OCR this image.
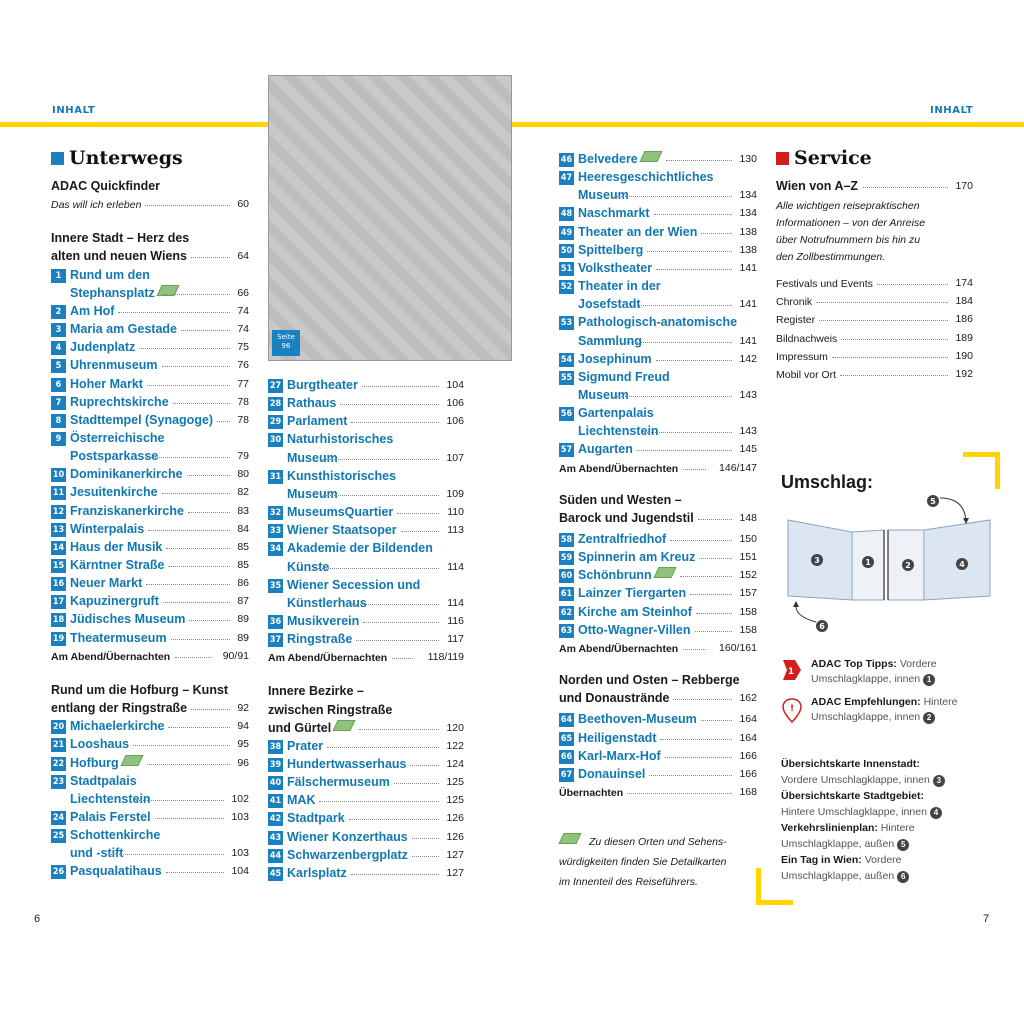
INHALT	INHALT
Seite
96
Unterwegs
ADAC Quickfinder
Das will ich erleben	60
Innere Stadt – Herz des
alten und neuen Wiens	64
1 Rund um den
Stephansplatz	66
2 Am Hof	74
3 Maria am Gestade	74
4 Judenplatz	75
5 Uhrenmuseum	76
6 Hoher Markt	77
7 Ruprechtskirche	78
8 Stadttempel (Synagoge) 78
9 Österreichische
Postsparkasse	79
10 Dominikanerkirche	80
11 Jesuitenkirche	82
12 Franziskanerkirche	83
13 Winterpalais	84
14 Haus der Musik	85
15 Kärntner Straße	85
16 Neuer Markt	86
17 Kapuzinergruft	87
18 Jüdisches Museum	89
19 Theatermuseum	89
Am Abend/Übernachten	90/91
Rund um die Hofburg – Kunst
entlang der Ringstraße	92
20 Michaelerkirche	94
21 Looshaus	95
22 Hofburg	96
23 Stadtpalais
Liechtenstein	102
24 Palais Ferstel	103
25 Schottenkirche
und -stift	103
26 Pasqualatihaus	104
27 Burgtheater	104
28 Rathaus	106
29 Parlament	106
30 Naturhistorisches
Museum	107
31 Kunsthistorisches
Museum	109
32 MuseumsQuartier	110
33 Wiener Staatsoper	113
34 Akademie der Bildenden
Künste	114
35 Wiener Secession und
Künstlerhaus	114
36 Musikverein	116
37 Ringstraße	117
Am Abend/Übernachten	118/119
Innere Bezirke –
zwischen Ringstraße
und Gürtel	120
38 Prater	122
39 Hundertwasserhaus	124
40 Fälschermuseum	125
41 MAK	125
42 Stadtpark	126
43 Wiener Konzerthaus	126
44 Schwarzenbergplatz	127
45 Karlsplatz	127
46 Belvedere	130
47 Heeresgeschichtliches
Museum	134
48 Naschmarkt	134
49 Theater an der Wien	138
50 Spittelberg	138
51 Volkstheater	141
52 Theater in der
Josefstadt	141
53 Pathologisch-anatomische
Sammlung	141
54 Josephinum	142
55 Sigmund Freud
Museum	143
56 Gartenpalais
Liechtenstein	143
57 Augarten	145
Am Abend/Übernachten	146/147
Süden und Westen –
Barock und Jugendstil	148
58 Zentralfriedhof	150
59 Spinnerin am Kreuz	151
60 Schönbrunn	152
61 Lainzer Tiergarten	157
62 Kirche am Steinhof	158
63 Otto-Wagner-Villen	158
Am Abend/Übernachten	160/161
Norden und Osten – Rebberge
und Donaustrände	162
64 Beethoven-Museum	164
65 Heiligenstadt	164
66 Karl-Marx-Hof	166
67 Donauinsel	166
Übernachten	168
Zu diesen Orten und Sehens-
würdigkeiten finden Sie Detailkarten
im Innenteil des Reiseführers.
Service
Wien von A–Z	170
Alle wichtigen reisepraktischen
Informationen – von der Anreise
über Notrufnummern bis hin zu
den Zollbestimmungen.
Festivals und Events	174
Chronik	184
Register	186
Bildnachweis	189
Impressum	190
Mobil vor Ort	192
Umschlag:
3	1	2	4
5
6
1
ADAC Top Tipps: Vordere
Umschlagklappe, innen 1
!
ADAC Empfehlungen: Hintere
Umschlagklappe, innen 2
Übersichtskarte Innenstadt:
Vordere Umschlagklappe, innen 3
Übersichtskarte Stadtgebiet:
Hintere Umschlagklappe, innen 4
Verkehrslinienplan: Hintere
Umschlagklappe, außen 5
Ein Tag in Wien: Vordere
Umschlagklappe, außen 6
6	7
